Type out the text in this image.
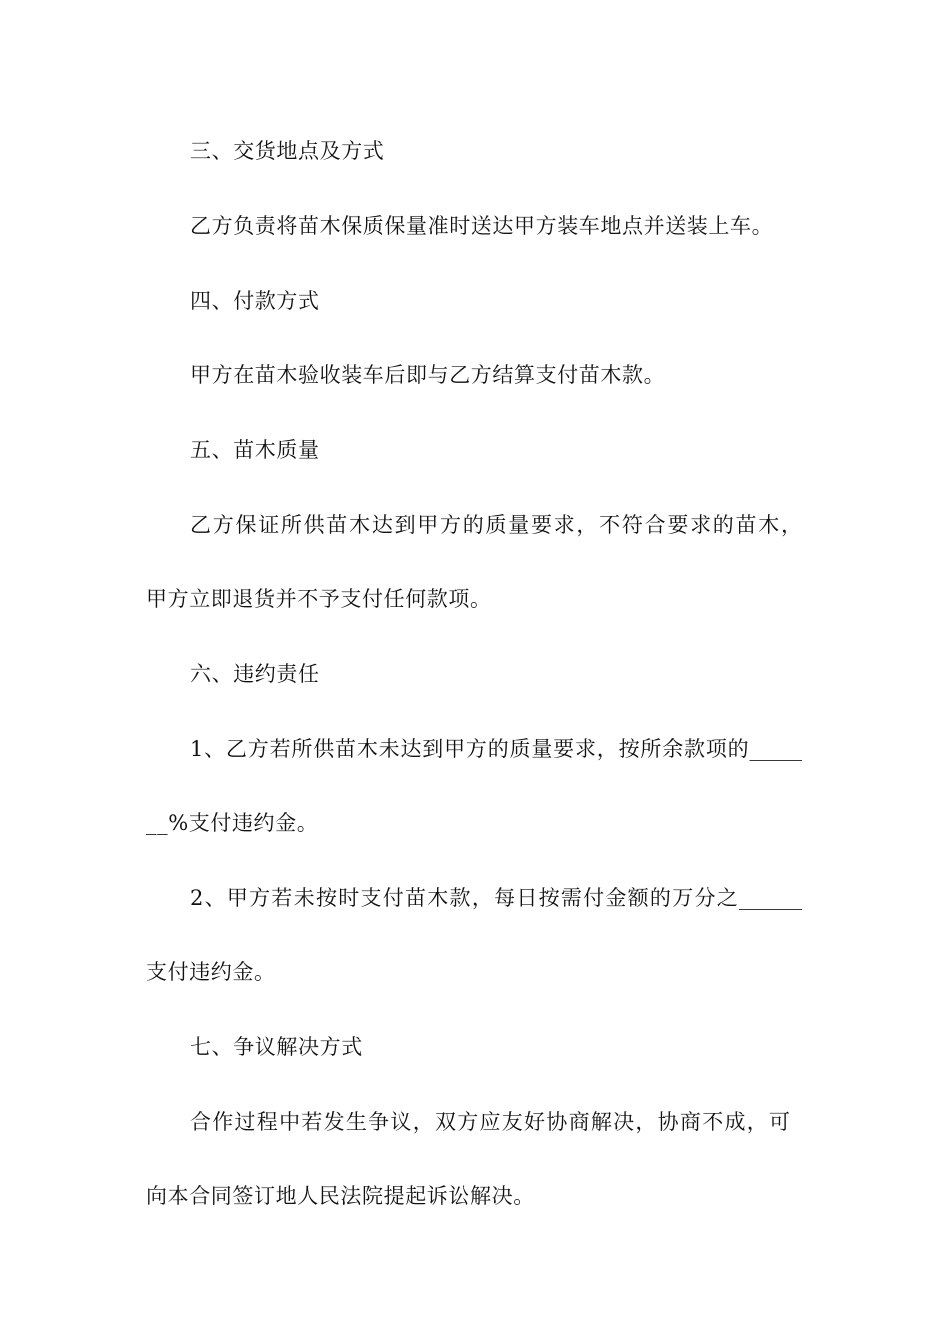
三、交货地点及方式
乙方负责将苗木保质保量准时送达甲方装车地点并送装上车。
四、付款方式
甲方在苗木验收装车后即与乙方结算支付苗木款。
五、苗木质量
乙方保证所供苗木达到甲方的质量要求，不符合要求的苗木，
甲方立即退货并不予支付任何款项。
六、违约责任
1、乙方若所供苗木未达到甲方的质量要求，按所余款项的_____
__%支付违约金。
2、甲方若未按时支付苗木款，每日按需付金额的万分之______
支付违约金。
七、争议解决方式
合作过程中若发生争议，双方应友好协商解决，协商不成，可
向本合同签订地人民法院提起诉讼解决。
